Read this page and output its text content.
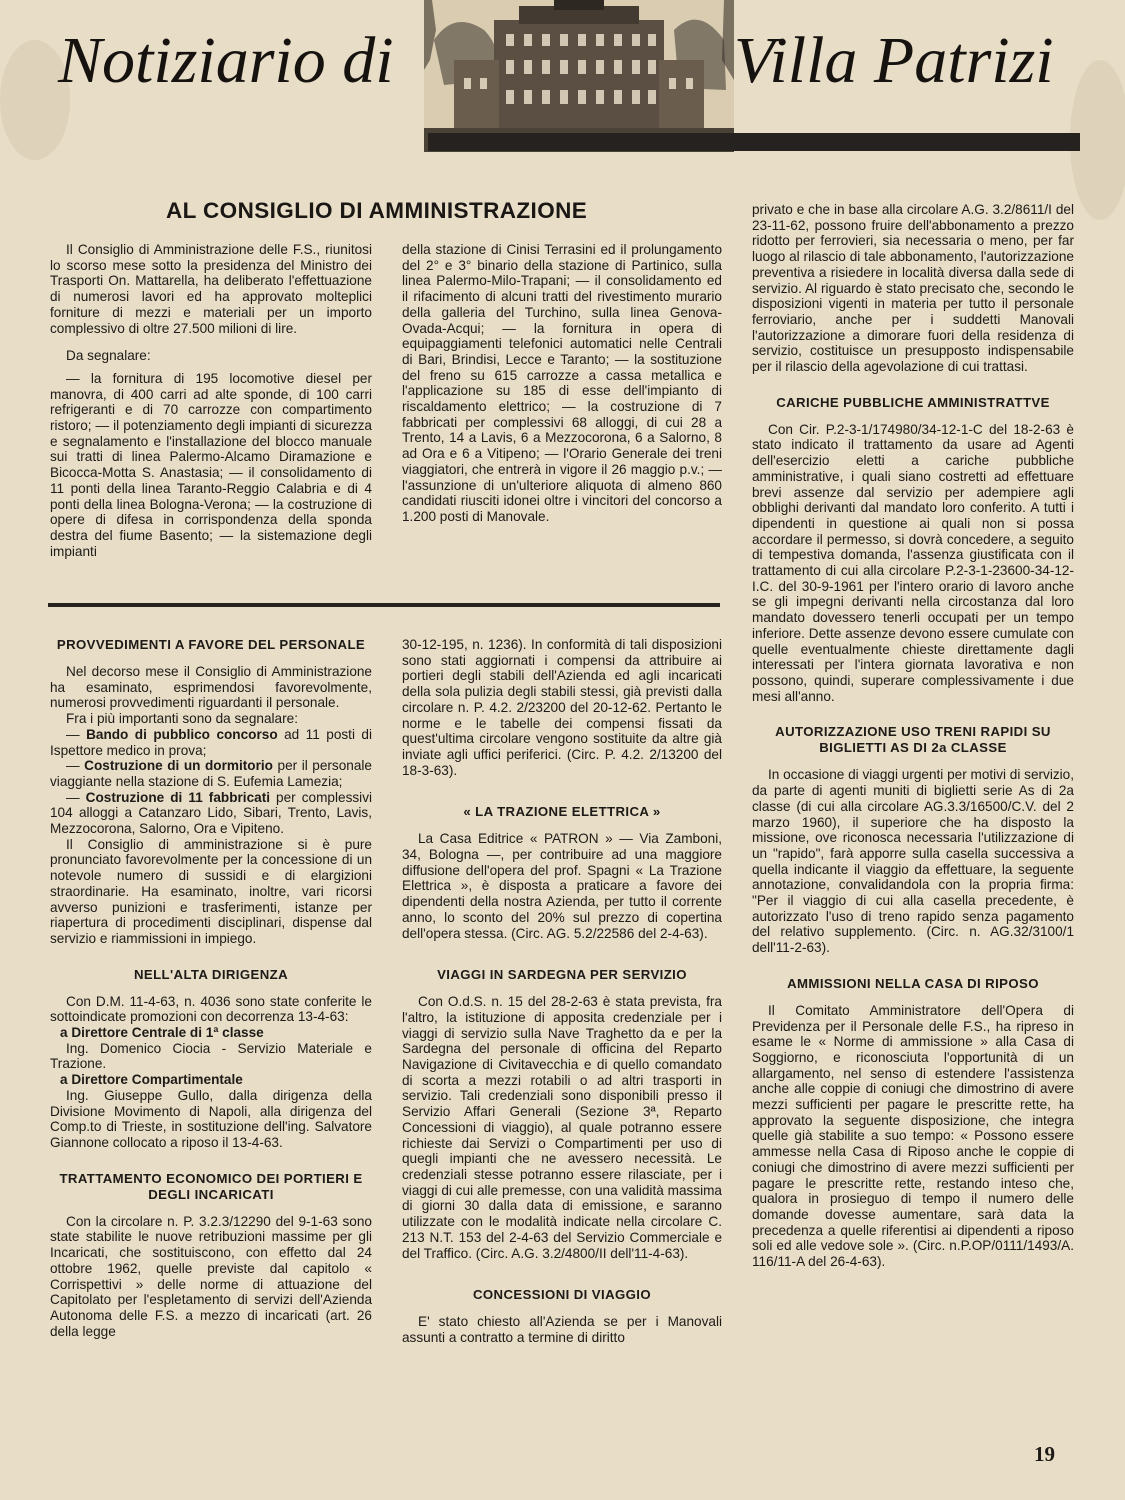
Notiziario di	Villa Patrizi
AL CONSIGLIO DI AMMINISTRAZIONE

Il Consiglio di Amministrazione delle F.S., riunitosi lo scorso mese sotto la presidenza del Ministro dei Trasporti On. Mattarella, ha deliberato l'effettuazione di numerosi lavori ed ha approvato molteplici forniture di mezzi e materiali per un importo complessivo di oltre 27.500 milioni di lire.

Da segnalare:

— la fornitura di 195 locomotive diesel per manovra, di 400 carri ad alte sponde, di 100 carri refrigeranti e di 70 carrozze con compartimento ristoro; — il potenziamento degli impianti di sicurezza e segnalamento e l'installazione del blocco manuale sui tratti di linea Palermo-Alcamo Diramazione e Bicocca-Motta S. Anastasia; — il consolidamento di 11 ponti della linea Taranto-Reggio Calabria e di 4 ponti della linea Bologna-Verona; — la costruzione di opere di difesa in corrispondenza della sponda destra del fiume Basento; — la sistemazione degli impianti

della stazione di Cinisi Terrasini ed il prolungamento del 2° e 3° binario della stazione di Partinico, sulla linea Palermo-Milo-Trapani; — il consolidamento ed il rifacimento di alcuni tratti del rivestimento murario della galleria del Turchino, sulla linea Genova-Ovada-Acqui; — la fornitura in opera di equipaggiamenti telefonici automatici nelle Centrali di Bari, Brindisi, Lecce e Taranto; — la sostituzione del freno su 615 carrozze a cassa metallica e l'applicazione su 185 di esse dell'impianto di riscaldamento elettrico; — la costruzione di 7 fabbricati per complessivi 68 alloggi, di cui 28 a Trento, 14 a Lavis, 6 a Mezzocorona, 6 a Salorno, 8 ad Ora e 6 a Vitipeno; — l'Orario Generale dei treni viaggiatori, che entrerà in vigore il 26 maggio p.v.; — l'assunzione di un'ulteriore aliquota di almeno 860 candidati riusciti idonei oltre i vincitori del concorso a 1.200 posti di Manovale.

privato e che in base alla circolare A.G. 3.2/8611/I del 23-11-62, possono fruire dell'abbonamento a prezzo ridotto per ferrovieri, sia necessaria o meno, per far luogo al rilascio di tale abbonamento, l'autorizzazione preventiva a risiedere in località diversa dalla sede di servizio. Al riguardo è stato precisato che, secondo le disposizioni vigenti in materia per tutto il personale ferroviario, anche per i suddetti Manovali l'autorizzazione a dimorare fuori della residenza di servizio, costituisce un presupposto indispensabile per il rilascio della agevolazione di cui trattasi.

CARICHE PUBBLICHE AMMINISTRATTVE

Con Cir. P.2-3-1/174980/34-12-1-C del 18-2-63 è stato indicato il trattamento da usare ad Agenti dell'esercizio eletti a cariche pubbliche amministrative, i quali siano costretti ad effettuare brevi assenze dal servizio per adempiere agli obblighi derivanti dal mandato loro conferito. A tutti i dipendenti in questione ai quali non si possa accordare il permesso, si dovrà concedere, a seguito di tempestiva domanda, l'assenza giustificata con il trattamento di cui alla circolare P.2-3-1-23600-34-12-I.C. del 30-9-1961 per l'intero orario di lavoro anche se gli impegni derivanti nella circostanza dal loro mandato dovessero tenerli occupati per un tempo inferiore. Dette assenze devono essere cumulate con quelle eventualmente chieste direttamente dagli interessati per l'intera giornata lavorativa e non possono, quindi, superare complessivamente i due mesi all'anno.

AUTORIZZAZIONE USO TRENI RAPIDI SU BIGLIETTI AS DI 2a CLASSE

In occasione di viaggi urgenti per motivi di servizio, da parte di agenti muniti di biglietti serie As di 2a classe (di cui alla circolare AG.3.3/16500/C.V. del 2 marzo 1960), il superiore che ha disposto la missione, ove riconosca necessaria l'utilizzazione di un "rapido", farà apporre sulla casella successiva a quella indicante il viaggio da effettuare, la seguente annotazione, convalidandola con la propria firma: "Per il viaggio di cui alla casella precedente, è autorizzato l'uso di treno rapido senza pagamento del relativo supplemento. (Circ. n. AG.32/3100/1 dell'11-2-63).

AMMISSIONI NELLA CASA DI RIPOSO

Il Comitato Amministratore dell'Opera di Previdenza per il Personale delle F.S., ha ripreso in esame le « Norme di ammissione » alla Casa di Soggiorno, e riconosciuta l'opportunità di un allargamento, nel senso di estendere l'assistenza anche alle coppie di coniugi che dimostrino di avere mezzi sufficienti per pagare le prescritte rette, ha approvato la seguente disposizione, che integra quelle già stabilite a suo tempo: « Possono essere ammesse nella Casa di Riposo anche le coppie di coniugi che dimostrino di avere mezzi sufficienti per pagare le prescritte rette, restando inteso che, qualora in prosieguo di tempo il numero delle domande dovesse aumentare, sarà data la precedenza a quelle riferentisi ai dipendenti a riposo soli ed alle vedove sole ». (Circ. n.P.OP/0111/1493/A. 116/11-A del 26-4-63).

PROVVEDIMENTI A FAVORE DEL PERSONALE

Nel decorso mese il Consiglio di Amministrazione ha esaminato, esprimendosi favorevolmente, numerosi provvedimenti riguardanti il personale.

Fra i più importanti sono da segnalare:

— Bando di pubblico concorso ad 11 posti di Ispettore medico in prova;

— Costruzione di un dormitorio per il personale viaggiante nella stazione di S. Eufemia Lamezia;

— Costruzione di 11 fabbricati per complessivi 104 alloggi a Catanzaro Lido, Sibari, Trento, Lavis, Mezzocorona, Salorno, Ora e Vipiteno.

Il Consiglio di amministrazione si è pure pronunciato favorevolmente per la concessione di un notevole numero di sussidi e di elargizioni straordinarie. Ha esaminato, inoltre, vari ricorsi avverso punizioni e trasferimenti, istanze per riapertura di procedimenti disciplinari, dispense dal servizio e riammissioni in impiego.

NELL'ALTA DIRIGENZA

Con D.M. 11-4-63, n. 4036 sono state conferite le sottoindicate promozioni con decorrenza 13-4-63:

a Direttore Centrale di 1ª classe

Ing. Domenico Ciocia - Servizio Materiale e Trazione.

a Direttore Compartimentale

Ing. Giuseppe Gullo, dalla dirigenza della Divisione Movimento di Napoli, alla dirigenza del Comp.to di Trieste, in sostituzione dell'ing. Salvatore Giannone collocato a riposo il 13-4-63.

TRATTAMENTO ECONOMICO DEI PORTIERI E DEGLI INCARICATI

Con la circolare n. P. 3.2.3/12290 del 9-1-63 sono state stabilite le nuove retribuzioni massime per gli Incaricati, che sostituiscono, con effetto dal 24 ottobre 1962, quelle previste dal capitolo « Corrispettivi » delle norme di attuazione del Capitolato per l'espletamento di servizi dell'Azienda Autonoma delle F.S. a mezzo di incaricati (art. 26 della legge

30-12-195, n. 1236). In conformità di tali disposizioni sono stati aggiornati i compensi da attribuire ai portieri degli stabili dell'Azienda ed agli incaricati della sola pulizia degli stabili stessi, già previsti dalla circolare n. P. 4.2. 2/23200 del 20-12-62. Pertanto le norme e le tabelle dei compensi fissati da quest'ultima circolare vengono sostituite da altre già inviate agli uffici periferici. (Circ. P. 4.2. 2/13200 del 18-3-63).

« LA TRAZIONE ELETTRICA »

La Casa Editrice « PATRON » — Via Zamboni, 34, Bologna —, per contribuire ad una maggiore diffusione dell'opera del prof. Spagni « La Trazione Elettrica », è disposta a praticare a favore dei dipendenti della nostra Azienda, per tutto il corrente anno, lo sconto del 20% sul prezzo di copertina dell'opera stessa. (Circ. AG. 5.2/22586 del 2-4-63).

VIAGGI IN SARDEGNA PER SERVIZIO

Con O.d.S. n. 15 del 28-2-63 è stata prevista, fra l'altro, la istituzione di apposita credenziale per i viaggi di servizio sulla Nave Traghetto da e per la Sardegna del personale di officina del Reparto Navigazione di Civitavecchia e di quello comandato di scorta a mezzi rotabili o ad altri trasporti in servizio. Tali credenziali sono disponibili presso il Servizio Affari Generali (Sezione 3ª, Reparto Concessioni di viaggio), al quale potranno essere richieste dai Servizi o Compartimenti per uso di quegli impianti che ne avessero necessità. Le credenziali stesse potranno essere rilasciate, per i viaggi di cui alle premesse, con una validità massima di giorni 30 dalla data di emissione, e saranno utilizzate con le modalità indicate nella circolare C. 213 N.T. 153 del 2-4-63 del Servizio Commerciale e del Traffico. (Circ. A.G. 3.2/4800/II dell'11-4-63).

CONCESSIONI DI VIAGGIO

E' stato chiesto all'Azienda se per i Manovali assunti a contratto a termine di diritto

19
